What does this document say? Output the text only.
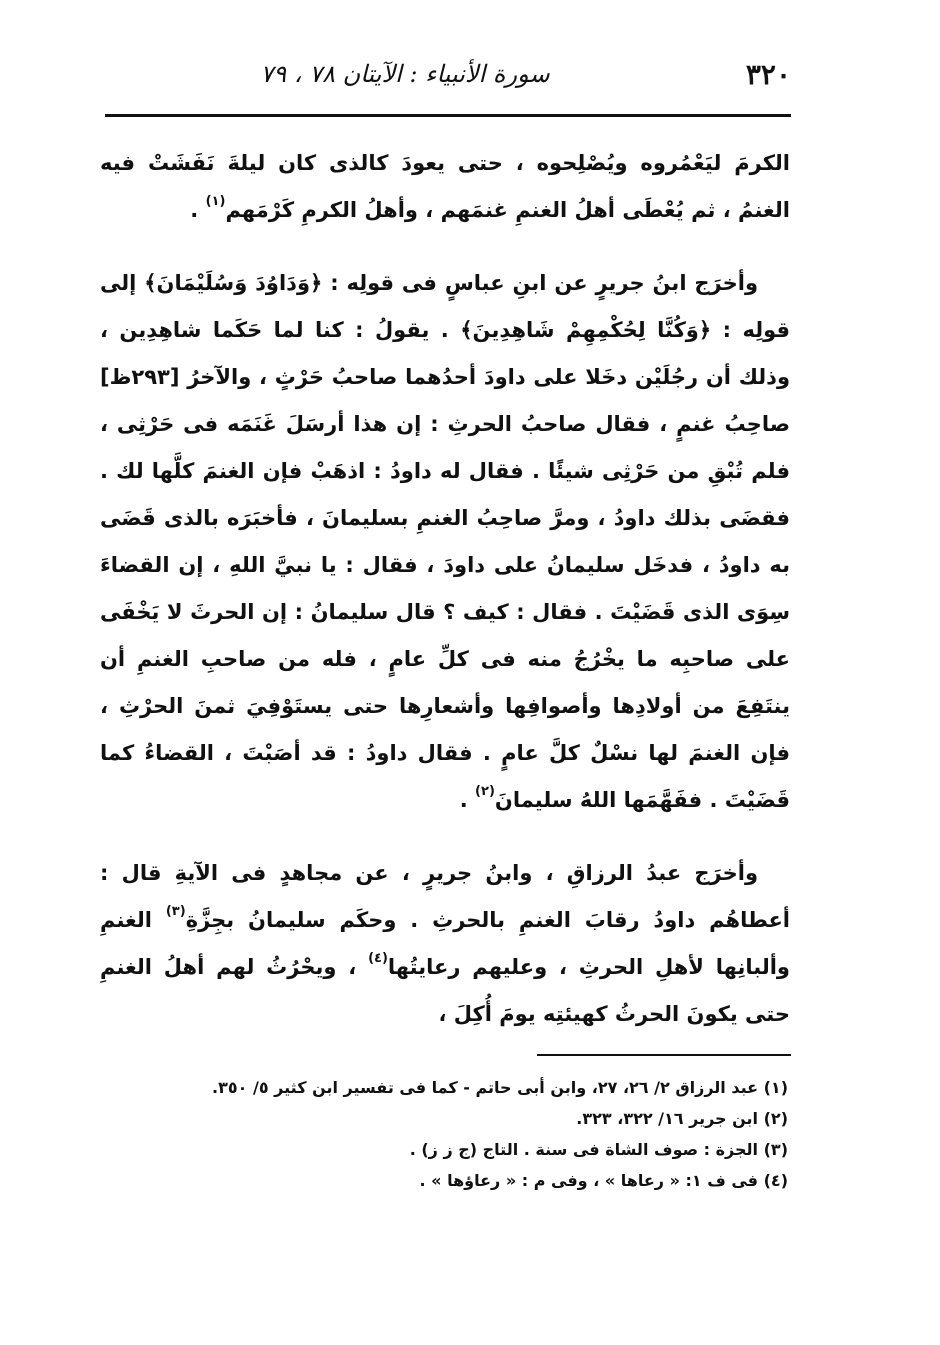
٣٢٠
سورة الأنبياء : الآيتان ٧٨ ، ٧٩

الكرمَ ليَعْمُروه ويُصْلِحوه ، حتى يعودَ كالذى كان ليلةَ نَفَشَتْ فيه الغنمُ ، ثم يُعْطَى أهلُ الغنمِ غنمَهم ، وأهلُ الكرمِ كَرْمَهم$^{(١)}$ .

وأخرَج ابنُ جريرٍ عن ابنِ عباسٍ فى قولِه : ﴿وَدَاوُدَ وَسُلَيْمَانَ﴾ إلى قولِه : ﴿وَكُنَّا لِحُكْمِهِمْ شَاهِدِينَ﴾ . يقولُ : كنا لما حَكَما شاهِدِين ، وذلك أن رجُلَيْن دخَلا على داودَ أحدُهما صاحبُ حَرْثٍ ، والآخرُ [٢٩٣ظ] صاحِبُ غنمٍ ، فقال صاحبُ الحرثِ : إن هذا أرسَلَ غَنَمَه فى حَرْثِى ، فلم تُبْقِ من حَرْثِى شيئًا . فقال له داودُ : اذهَبْ فإن الغنمَ كلَّها لك . فقضَى بذلك داودُ ، ومرَّ صاحِبُ الغنمِ بسليمانَ ، فأخبَرَه بالذى قَضَى به داودُ ، فدخَل سليمانُ على داودَ ، فقال : يا نبيَّ اللهِ ، إن القضاءَ سِوَى الذى قَضَيْتَ . فقال : كيف ؟ قال سليمانُ : إن الحرثَ لا يَخْفَى على صاحبِه ما يخْرُجُ منه فى كلِّ عامٍ ، فله من صاحبِ الغنمِ أن ينتَفِعَ من أولادِها وأصوافِها وأشعارِها حتى يستَوْفِيَ ثمنَ الحرْثِ ، فإن الغنمَ لها نسْلٌ كلَّ عامٍ . فقال داودُ : قد أصَبْتَ ، القضاءُ كما قَضَيْتَ . ففَهَّمَها اللهُ سليمانَ$^{(٢)}$ .

وأخرَج عبدُ الرزاقِ ، وابنُ جريرٍ ، عن مجاهدٍ فى الآيةِ قال : أعطاهُم داودُ رقابَ الغنمِ بالحرثِ . وحكَم سليمانُ بجِزَّةِ$^{(٣)}$ الغنمِ وألبانِها لأهلِ الحرثِ ، وعليهم رعايتُها$^{(٤)}$ ، ويحْرُثُ لهم أهلُ الغنمِ حتى يكونَ الحرثُ كهيئتِه يومَ أُكِلَ ،

(١) عبد الرزاق ٢/ ٢٦، ٢٧، وابن أبى حاتم - كما فى تفسير ابن كثير ٥/ ٣٥٠.
(٢) ابن جرير ١٦/ ٣٢٢، ٣٢٣.
(٣) الجزة : صوف الشاة فى سنة . التاج (ج ز ز) .
(٤) فى ف ١: « رعاها » ، وفى م : « رعاؤها » .
